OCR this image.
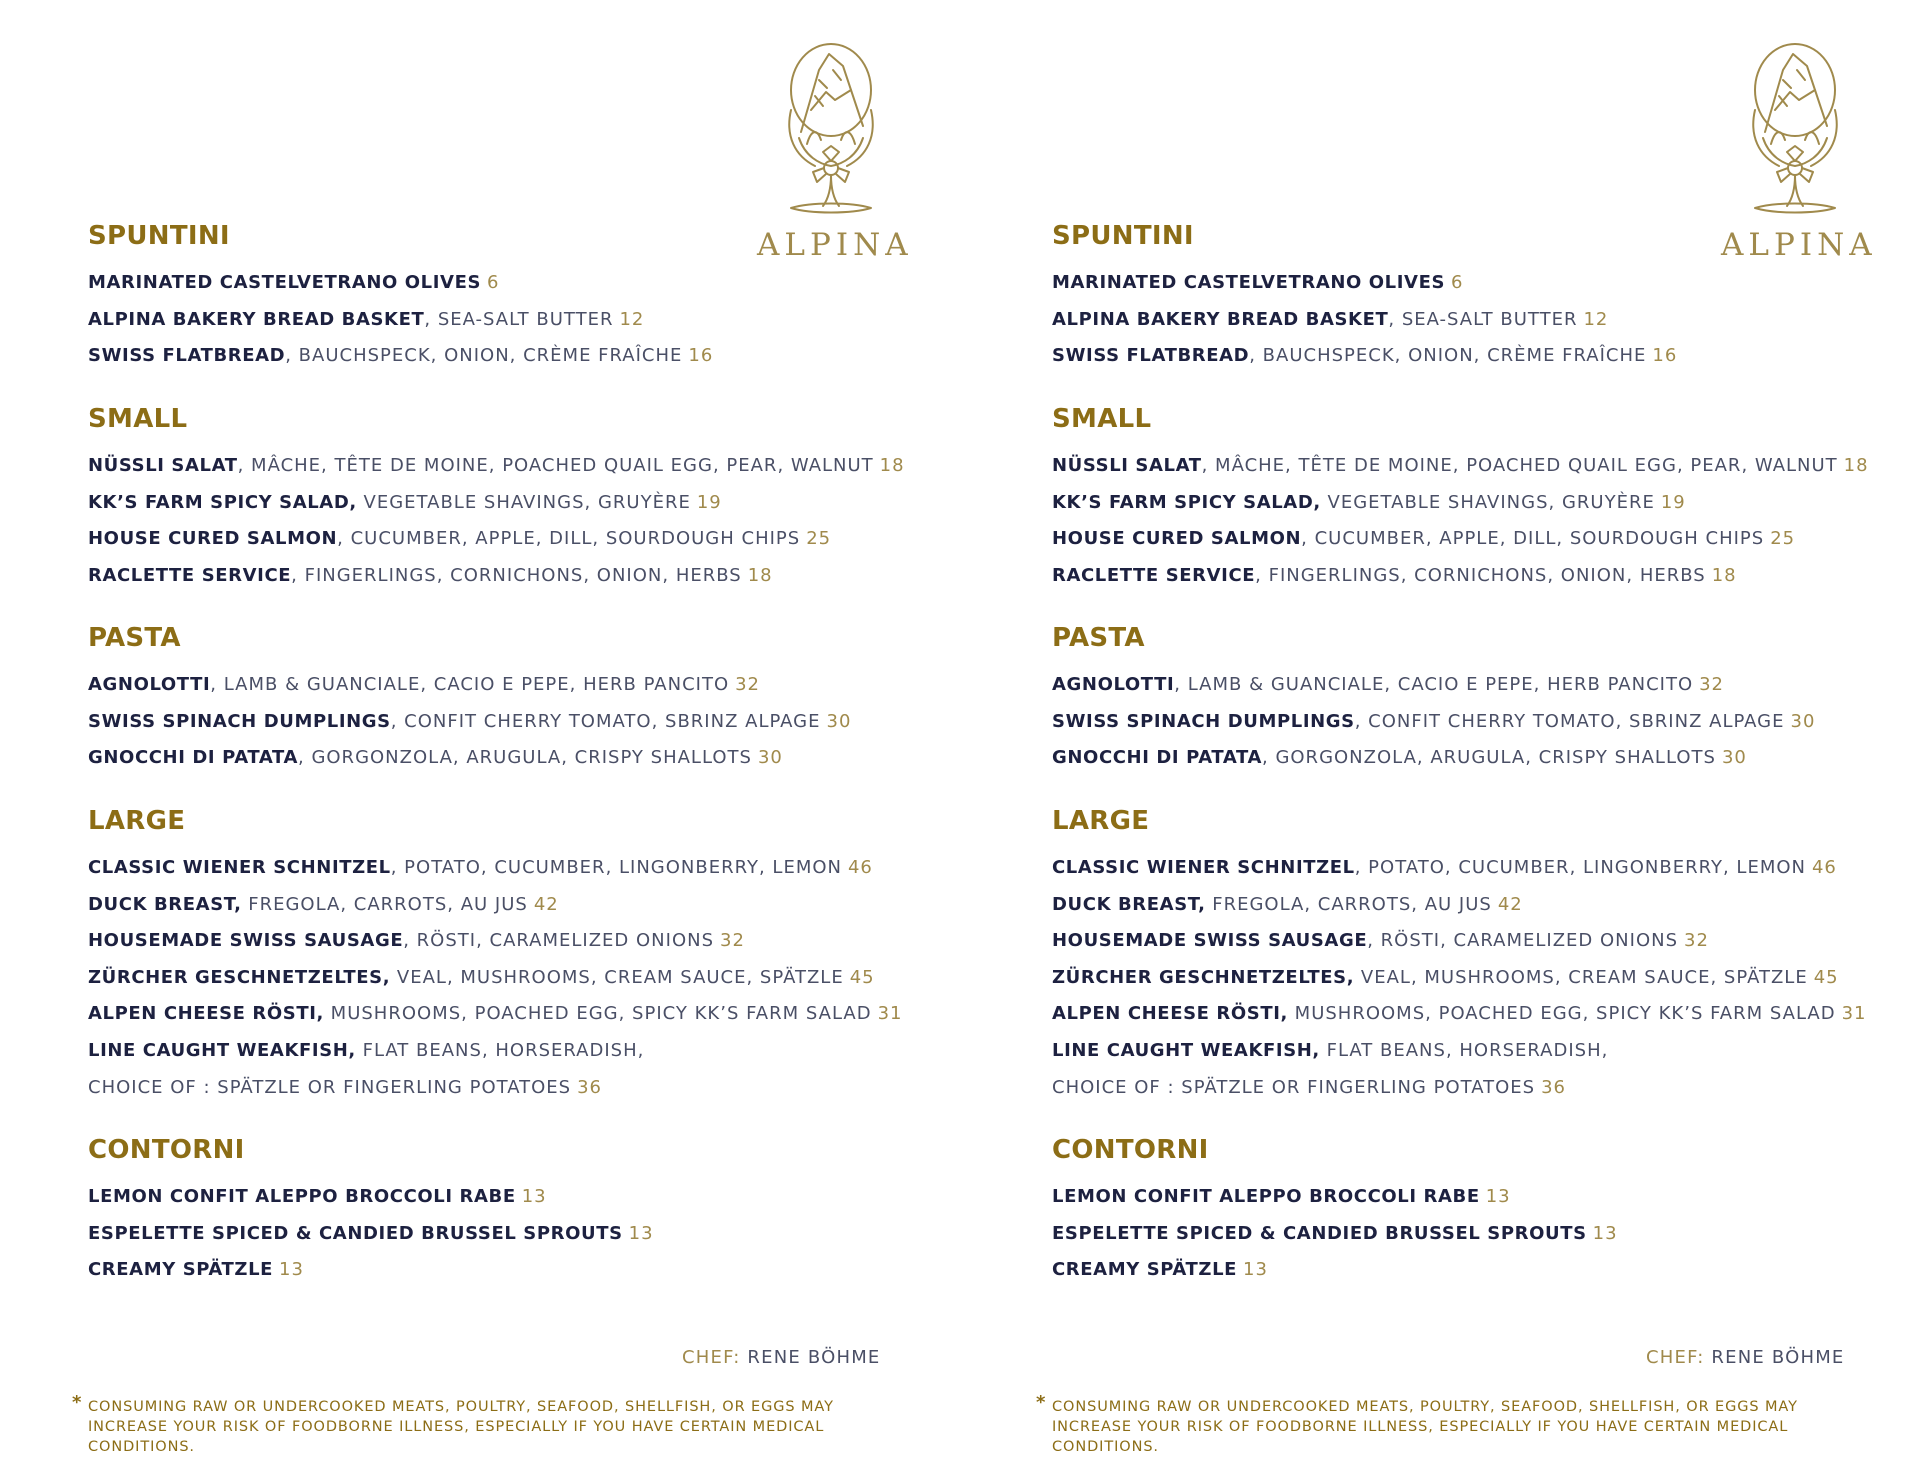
ALPINA
SPUNTINI
MARINATED CASTELVETRANO OLIVES 6
ALPINA BAKERY BREAD BASKET, SEA-SALT BUTTER 12
SWISS FLATBREAD, BAUCHSPECK, ONION, CRÈME FRAÎCHE 16
SMALL
NÜSSLI SALAT, MÂCHE, TÊTE DE MOINE, POACHED QUAIL EGG, PEAR, WALNUT 18
KK’S FARM SPICY SALAD, VEGETABLE SHAVINGS, GRUYÈRE 19
HOUSE CURED SALMON, CUCUMBER, APPLE, DILL, SOURDOUGH CHIPS 25
RACLETTE SERVICE, FINGERLINGS, CORNICHONS, ONION, HERBS 18
PASTA
AGNOLOTTI, LAMB & GUANCIALE, CACIO E PEPE, HERB PANCITO 32
SWISS SPINACH DUMPLINGS, CONFIT CHERRY TOMATO, SBRINZ ALPAGE 30
GNOCCHI DI PATATA, GORGONZOLA, ARUGULA, CRISPY SHALLOTS 30
LARGE
CLASSIC WIENER SCHNITZEL, POTATO, CUCUMBER, LINGONBERRY, LEMON 46
DUCK BREAST, FREGOLA, CARROTS, AU JUS 42
HOUSEMADE SWISS SAUSAGE, RÖSTI, CARAMELIZED ONIONS 32
ZÜRCHER GESCHNETZELTES, VEAL, MUSHROOMS, CREAM SAUCE, SPÄTZLE 45
ALPEN CHEESE RÖSTI, MUSHROOMS, POACHED EGG, SPICY KK’S FARM SALAD 31
LINE CAUGHT WEAKFISH, FLAT BEANS, HORSERADISH,
CHOICE OF : SPÄTZLE OR FINGERLING POTATOES 36
CONTORNI
LEMON CONFIT ALEPPO BROCCOLI RABE 13
ESPELETTE SPICED & CANDIED BRUSSEL SPROUTS 13
CREAMY SPÄTZLE 13
CHEF: RENE BÖHME
* CONSUMING RAW OR UNDERCOOKED MEATS, POULTRY, SEAFOOD, SHELLFISH, OR EGGS MAY INCREASE YOUR RISK OF FOODBORNE ILLNESS, ESPECIALLY IF YOU HAVE CERTAIN MEDICAL CONDITIONS.
ALPINA
SPUNTINI
MARINATED CASTELVETRANO OLIVES 6
ALPINA BAKERY BREAD BASKET, SEA-SALT BUTTER 12
SWISS FLATBREAD, BAUCHSPECK, ONION, CRÈME FRAÎCHE 16
SMALL
NÜSSLI SALAT, MÂCHE, TÊTE DE MOINE, POACHED QUAIL EGG, PEAR, WALNUT 18
KK’S FARM SPICY SALAD, VEGETABLE SHAVINGS, GRUYÈRE 19
HOUSE CURED SALMON, CUCUMBER, APPLE, DILL, SOURDOUGH CHIPS 25
RACLETTE SERVICE, FINGERLINGS, CORNICHONS, ONION, HERBS 18
PASTA
AGNOLOTTI, LAMB & GUANCIALE, CACIO E PEPE, HERB PANCITO 32
SWISS SPINACH DUMPLINGS, CONFIT CHERRY TOMATO, SBRINZ ALPAGE 30
GNOCCHI DI PATATA, GORGONZOLA, ARUGULA, CRISPY SHALLOTS 30
LARGE
CLASSIC WIENER SCHNITZEL, POTATO, CUCUMBER, LINGONBERRY, LEMON 46
DUCK BREAST, FREGOLA, CARROTS, AU JUS 42
HOUSEMADE SWISS SAUSAGE, RÖSTI, CARAMELIZED ONIONS 32
ZÜRCHER GESCHNETZELTES, VEAL, MUSHROOMS, CREAM SAUCE, SPÄTZLE 45
ALPEN CHEESE RÖSTI, MUSHROOMS, POACHED EGG, SPICY KK’S FARM SALAD 31
LINE CAUGHT WEAKFISH, FLAT BEANS, HORSERADISH,
CHOICE OF : SPÄTZLE OR FINGERLING POTATOES 36
CONTORNI
LEMON CONFIT ALEPPO BROCCOLI RABE 13
ESPELETTE SPICED & CANDIED BRUSSEL SPROUTS 13
CREAMY SPÄTZLE 13
CHEF: RENE BÖHME
* CONSUMING RAW OR UNDERCOOKED MEATS, POULTRY, SEAFOOD, SHELLFISH, OR EGGS MAY INCREASE YOUR RISK OF FOODBORNE ILLNESS, ESPECIALLY IF YOU HAVE CERTAIN MEDICAL CONDITIONS.
